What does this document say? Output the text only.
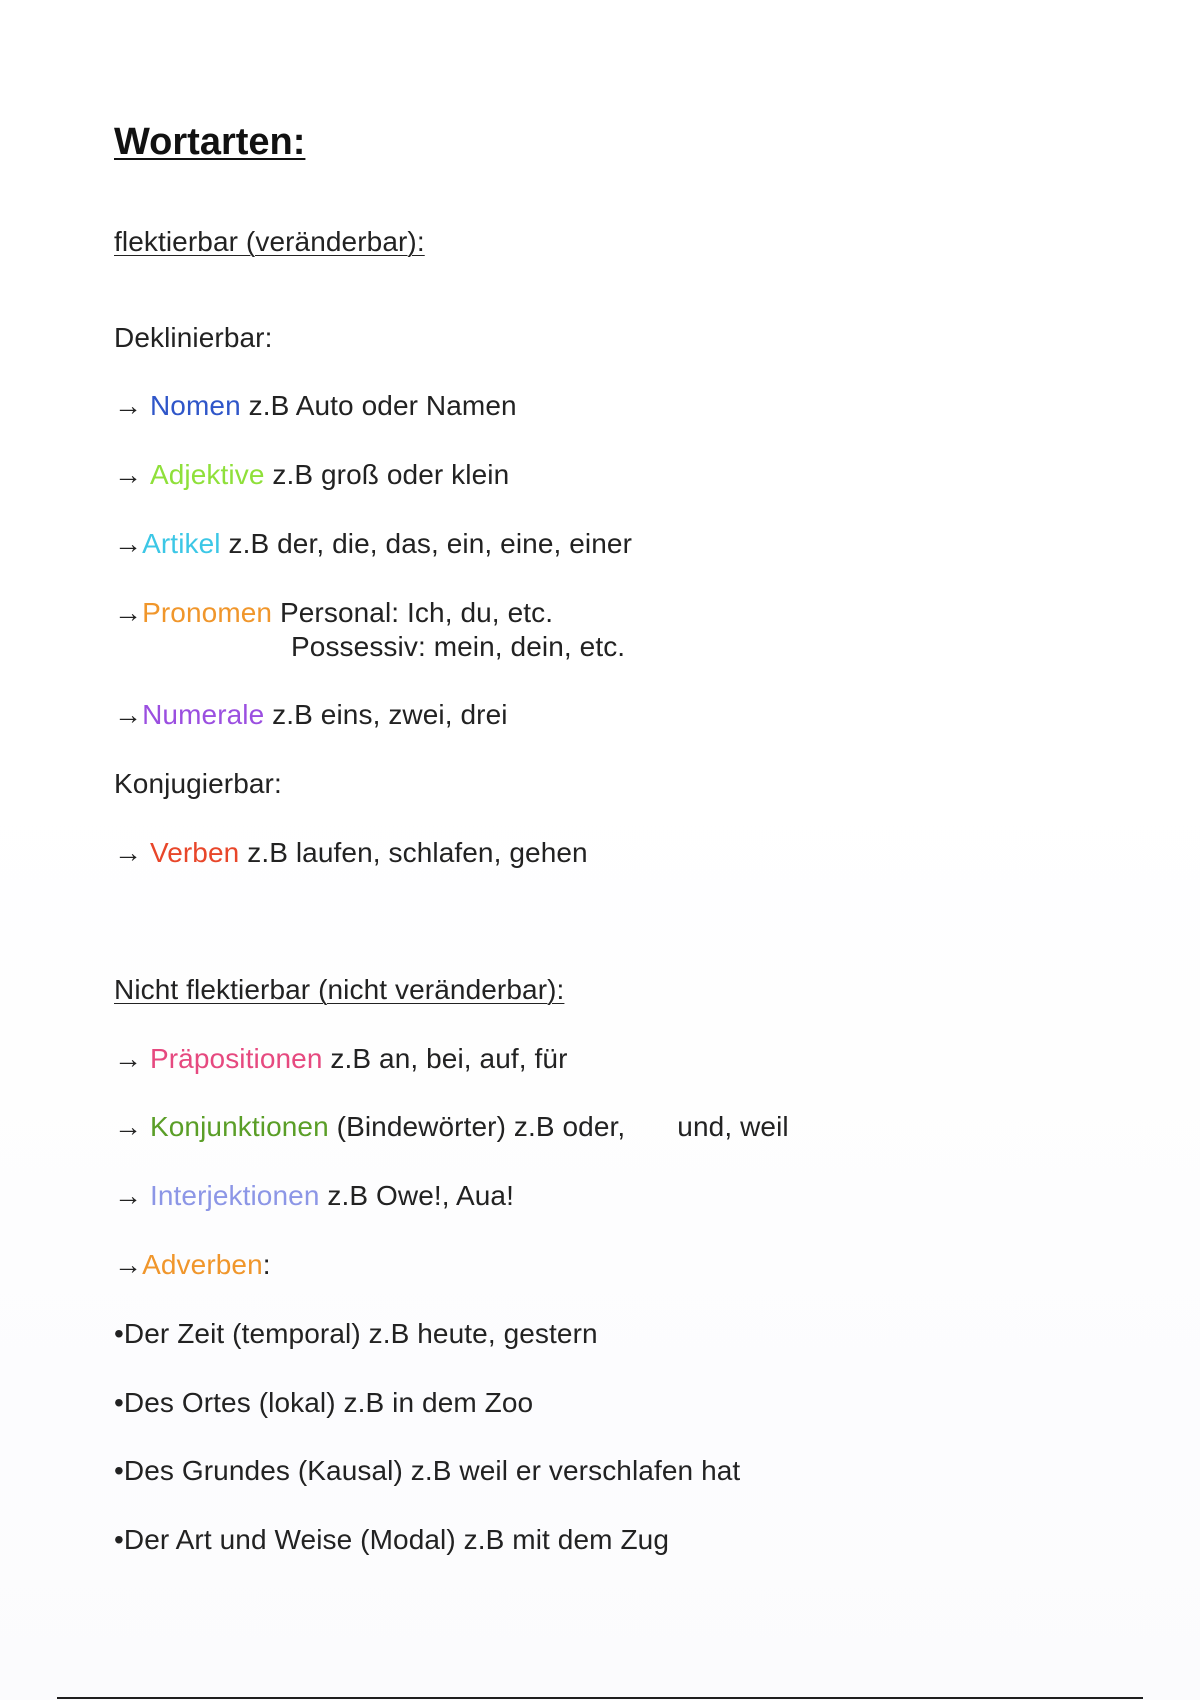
Wortarten:
flektierbar (veränderbar):
Deklinierbar:
→ Nomen z.B Auto oder Namen
→ Adjektive z.B groß oder klein
→Artikel z.B der, die, das, ein, eine, einer
→Pronomen Personal: Ich, du, etc.
Possessiv: mein, dein, etc.
→Numerale z.B eins, zwei, drei
Konjugierbar:
→ Verben z.B laufen, schlafen, gehen
Nicht flektierbar (nicht veränderbar):
→ Präpositionen z.B an, bei, auf, für
→ Konjunktionen (Bindewörter) z.B oder, und, weil
→ Interjektionen z.B Owe!, Aua!
→Adverben:
•Der Zeit (temporal) z.B heute, gestern
•Des Ortes (lokal) z.B in dem Zoo
•Des Grundes (Kausal) z.B weil er verschlafen hat
•Der Art und Weise (Modal) z.B mit dem Zug
